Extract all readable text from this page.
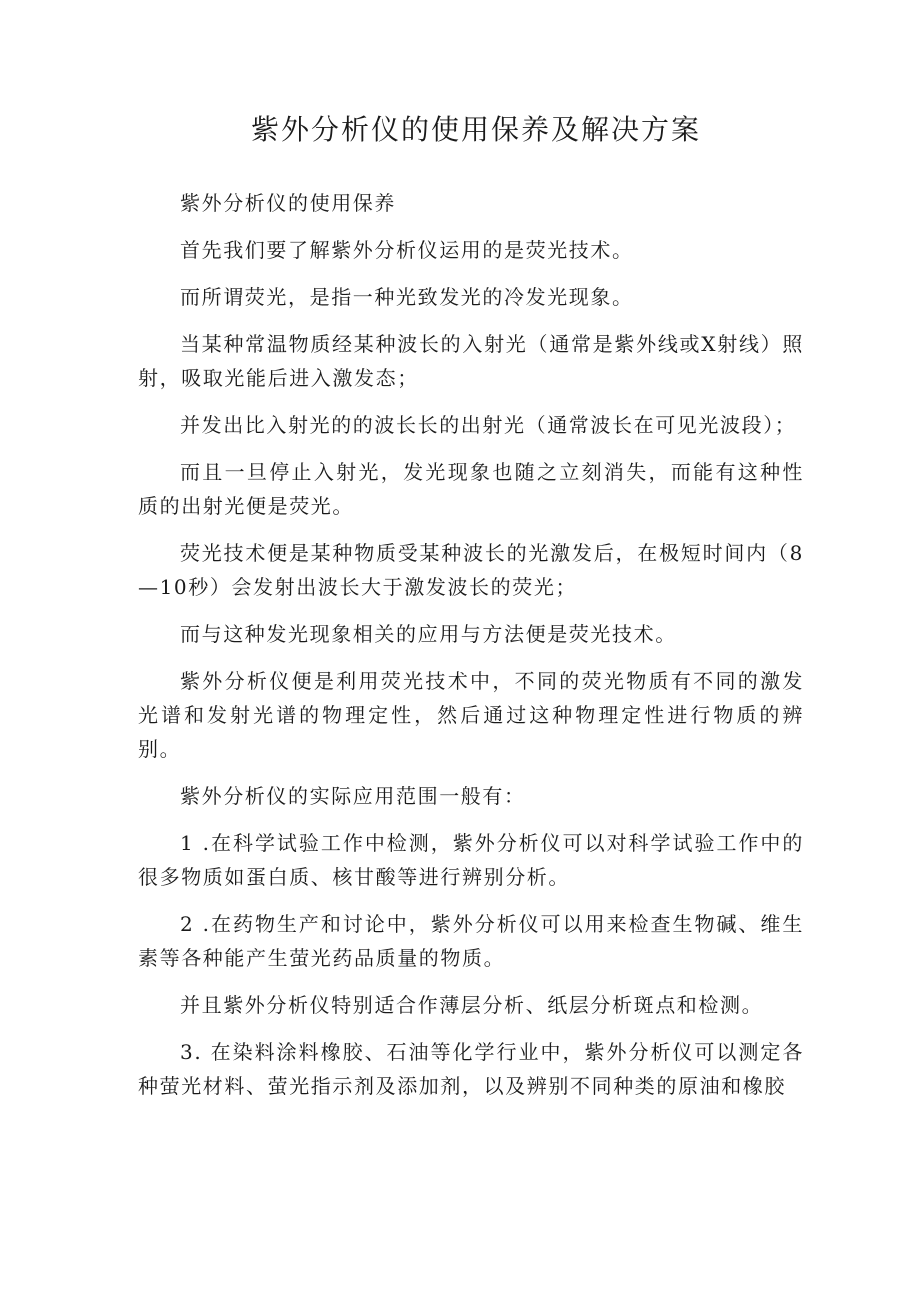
紫外分析仪的使用保养及解决方案

紫外分析仪的使用保养

首先我们要了解紫外分析仪运用的是荧光技术。

而所谓荧光，是指一种光致发光的冷发光现象。

当某种常温物质经某种波长的入射光（通常是紫外线或X射线）照射，吸取光能后进入激发态；

并发出比入射光的的波长长的出射光（通常波长在可见光波段）；

而且一旦停止入射光，发光现象也随之立刻消失，而能有这种性质的出射光便是荧光。

荧光技术便是某种物质受某种波长的光激发后，在极短时间内（8—10秒）会发射出波长大于激发波长的荧光；

而与这种发光现象相关的应用与方法便是荧光技术。

紫外分析仪便是利用荧光技术中，不同的荧光物质有不同的激发光谱和发射光谱的物理定性，然后通过这种物理定性进行物质的辨别。

紫外分析仪的实际应用范围一般有：

1 .在科学试验工作中检测，紫外分析仪可以对科学试验工作中的很多物质如蛋白质、核甘酸等进行辨别分析。

2 .在药物生产和讨论中，紫外分析仪可以用来检查生物碱、维生素等各种能产生萤光药品质量的物质。

并且紫外分析仪特别适合作薄层分析、纸层分析斑点和检测。

3. 在染料涂料橡胶、石油等化学行业中，紫外分析仪可以测定各种萤光材料、萤光指示剂及添加剂，以及辨别不同种类的原油和橡胶
